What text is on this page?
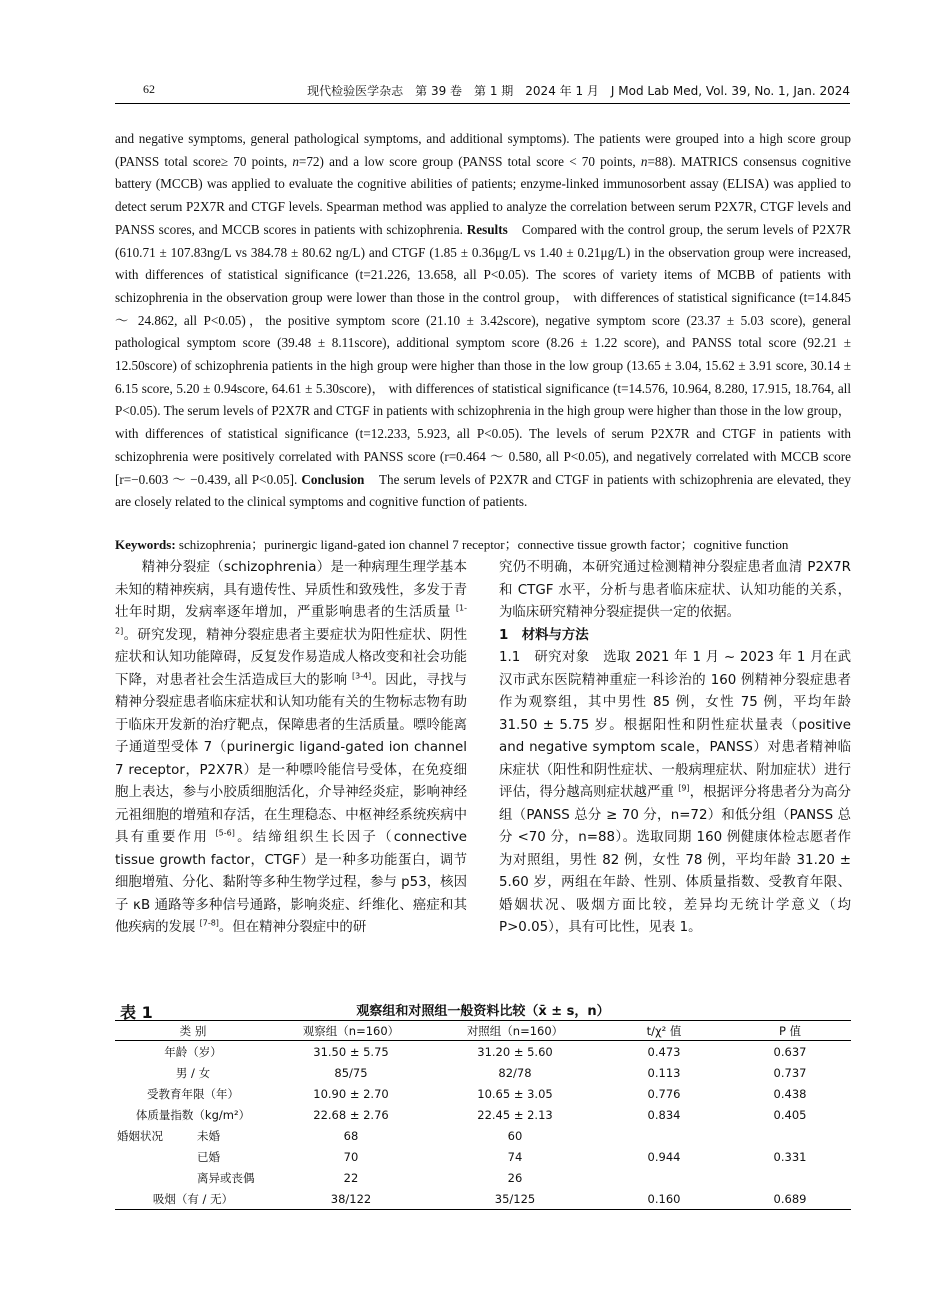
62	现代检验医学杂志　第 39 卷　第 1 期　2024 年 1 月　J Mod Lab Med, Vol. 39, No. 1, Jan. 2024

and negative symptoms, general pathological symptoms, and additional symptoms). The patients were grouped into a high score group (PANSS total score≥ 70 points, n=72) and a low score group (PANSS total score < 70 points, n=88). MATRICS consensus cognitive battery (MCCB) was applied to evaluate the cognitive abilities of patients; enzyme-linked immunosorbent assay (ELISA) was applied to detect serum P2X7R and CTGF levels. Spearman method was applied to analyze the correlation between serum P2X7R, CTGF levels and PANSS scores, and MCCB scores in patients with schizophrenia. Results　Compared with the control group, the serum levels of P2X7R (610.71 ± 107.83ng/L vs 384.78 ± 80.62 ng/L) and CTGF (1.85 ± 0.36μg/L vs 1.40 ± 0.21μg/L) in the observation group were increased, with differences of statistical significance (t=21.226, 13.658, all P<0.05). The scores of variety items of MCBB of patients with schizophrenia in the observation group were lower than those in the control group， with differences of statistical significance (t=14.845 ～ 24.862, all P<0.05)，the positive symptom score (21.10 ± 3.42score), negative symptom score (23.37 ± 5.03 score), general pathological symptom score (39.48 ± 8.11score), additional symptom score (8.26 ± 1.22 score), and PANSS total score (92.21 ± 12.50score) of schizophrenia patients in the high group were higher than those in the low group (13.65 ± 3.04, 15.62 ± 3.91 score, 30.14 ± 6.15 score, 5.20 ± 0.94score, 64.61 ± 5.30score)， with differences of statistical significance (t=14.576, 10.964, 8.280, 17.915, 18.764, all P<0.05). The serum levels of P2X7R and CTGF in patients with schizophrenia in the high group were higher than those in the low group，with differences of statistical significance (t=12.233, 5.923, all P<0.05). The levels of serum P2X7R and CTGF in patients with schizophrenia were positively correlated with PANSS score (r=0.464 ～ 0.580, all P<0.05), and negatively correlated with MCCB score [r=−0.603 ～ −0.439, all P<0.05]. Conclusion　The serum levels of P2X7R and CTGF in patients with schizophrenia are elevated, they are closely related to the clinical symptoms and cognitive function of patients.

Keywords: schizophrenia；purinergic ligand-gated ion channel 7 receptor；connective tissue growth factor；cognitive function

精神分裂症（schizophrenia）是一种病理生理学基本未知的精神疾病，具有遗传性、异质性和致残性，多发于青壮年时期，发病率逐年增加，严重影响患者的生活质量 [1-2]。研究发现，精神分裂症患者主要症状为阳性症状、阴性症状和认知功能障碍，反复发作易造成人格改变和社会功能下降，对患者社会生活造成巨大的影响 [3-4]。因此，寻找与精神分裂症患者临床症状和认知功能有关的生物标志物有助于临床开发新的治疗靶点，保障患者的生活质量。嘌呤能离子通道型受体 7（purinergic ligand-gated ion channel 7 receptor，P2X7R）是一种嘌呤能信号受体，在免疫细胞上表达，参与小胶质细胞活化，介导神经炎症，影响神经元祖细胞的增殖和存活，在生理稳态、中枢神经系统疾病中具有重要作用 [5-6]。结缔组织生长因子（connective tissue growth factor，CTGF）是一种多功能蛋白，调节细胞增殖、分化、黏附等多种生物学过程，参与 p53，核因子 κB 通路等多种信号通路，影响炎症、纤维化、癌症和其他疾病的发展 [7-8]。但在精神分裂症中的研

究仍不明确，本研究通过检测精神分裂症患者血清 P2X7R 和 CTGF 水平，分析与患者临床症状、认知功能的关系，为临床研究精神分裂症提供一定的依据。

1　材料与方法

1.1　研究对象　选取 2021 年 1 月 ~ 2023 年 1 月在武汉市武东医院精神重症一科诊治的 160 例精神分裂症患者作为观察组，其中男性 85 例，女性 75 例，平均年龄 31.50 ± 5.75 岁。根据阳性和阴性症状量表（positive and negative symptom scale，PANSS）对患者精神临床症状（阳性和阴性症状、一般病理症状、附加症状）进行评估，得分越高则症状越严重 [9]，根据评分将患者分为高分组（PANSS 总分 ≥ 70 分，n=72）和低分组（PANSS 总分 <70 分，n=88）。选取同期 160 例健康体检志愿者作为对照组，男性 82 例，女性 78 例，平均年龄 31.20 ± 5.60 岁，两组在年龄、性别、体质量指数、受教育年限、婚姻状况、吸烟方面比较，差异均无统计学意义（均 P>0.05），具有可比性，见表 1。

观察组和对照组一般资料比较（x̄ ± s，n）
表 1
类 别	观察组（n=160）	对照组（n=160）	t/χ² 值	P 值
年龄（岁）	31.50 ± 5.75	31.20 ± 5.60	0.473	0.637
男 / 女	85/75	82/78	0.113	0.737
受教育年限（年）	10.90 ± 2.70	10.65 ± 3.05	0.776	0.438
体质量指数（kg/m²）	22.68 ± 2.76	22.45 ± 2.13	0.834	0.405
婚姻状况 未婚	68	60		
已婚	70	74	0.944	0.331
离异或丧偶	22	26		
吸烟（有 / 无）	38/122	35/125	0.160	0.689
